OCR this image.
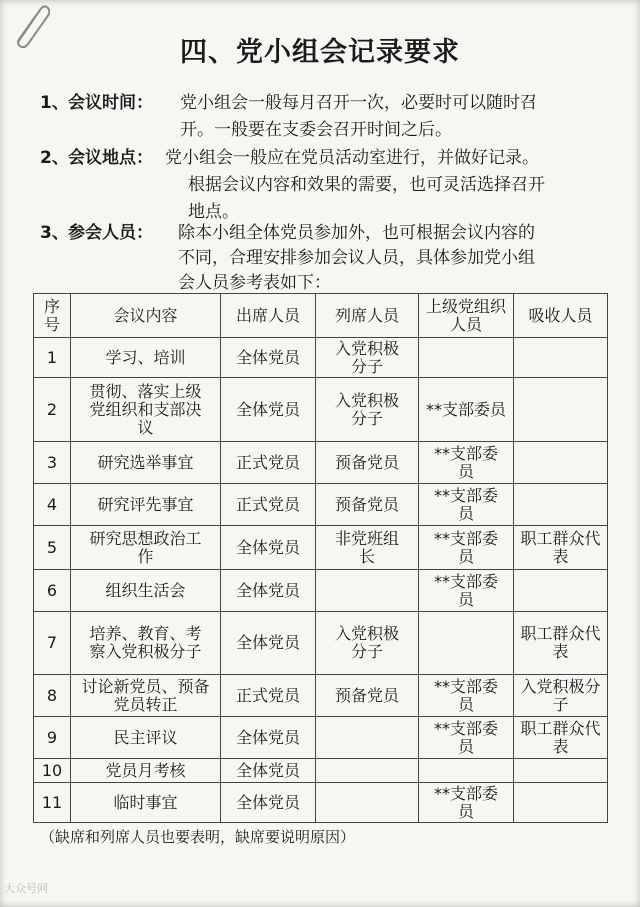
四、党小组会记录要求
1、 会议时间： 党小组会一般每月召开一次，必要时可以随时召
开。一般要在支委会召开时间之后。
2、 会议地点： 党小组会一般应在党员活动室进行，并做好记录。
根据会议内容和效果的需要，也可灵活选择召开
地点。
3、 参会人员： 除本小组全体党员参加外，也可根据会议内容的
不同，合理安排参加会议人员，具体参加党小组
会人员参考表如下：
序号	会议内容	出席人员	列席人员	上级党组织人员	吸收人员
1	学习、培训	全体党员	入党积极分子		
2	贯彻、落实上级党组织和支部决议	全体党员	入党积极分子	**支部委员	
3	研究选举事宜	正式党员	预备党员	**支部委员	
4	研究评先事宜	正式党员	预备党员	**支部委员	
5	研究思想政治工作	全体党员	非党班组长	**支部委员	职工群众代表
6	组织生活会	全体党员		**支部委员	
7	培养、教育、考察入党积极分子	全体党员	入党积极分子		职工群众代表
8	讨论新党员、预备党员转正	正式党员	预备党员	**支部委员	入党积极分子
9	民主评议	全体党员		**支部委员	职工群众代表
10	党员月考核	全体党员			
11	临时事宜	全体党员		**支部委员	
（缺席和列席人员也要表明，缺席要说明原因）
大众号网
